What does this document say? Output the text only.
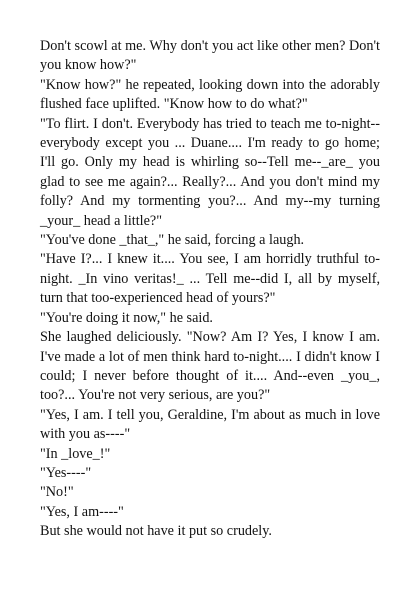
Don't scowl at me. Why don't you act like other men? Don't you know how?"

"Know how?" he repeated, looking down into the adorably flushed face uplifted. "Know how to do what?"

"To flirt. I don't. Everybody has tried to teach me to-night--everybody except you ... Duane.... I'm ready to go home; I'll go. Only my head is whirling so--Tell me--_are_ you glad to see me again?... Really?... And you don't mind my folly? And my tormenting you?... And my--my turning _your_ head a little?"

"You've done _that_," he said, forcing a laugh.

"Have I?... I knew it.... You see, I am horridly truthful to-night. _In vino veritas!_ ... Tell me--did I, all by myself, turn that too-experienced head of yours?"

"You're doing it now," he said.

She laughed deliciously. "Now? Am I? Yes, I know I am. I've made a lot of men think hard to-night.... I didn't know I could; I never before thought of it.... And--even _you_, too?... You're not very serious, are you?"

"Yes, I am. I tell you, Geraldine, I'm about as much in love with you as----"

"In _love_!"

"Yes----"

"No!"

"Yes, I am----"

But she would not have it put so crudely.
